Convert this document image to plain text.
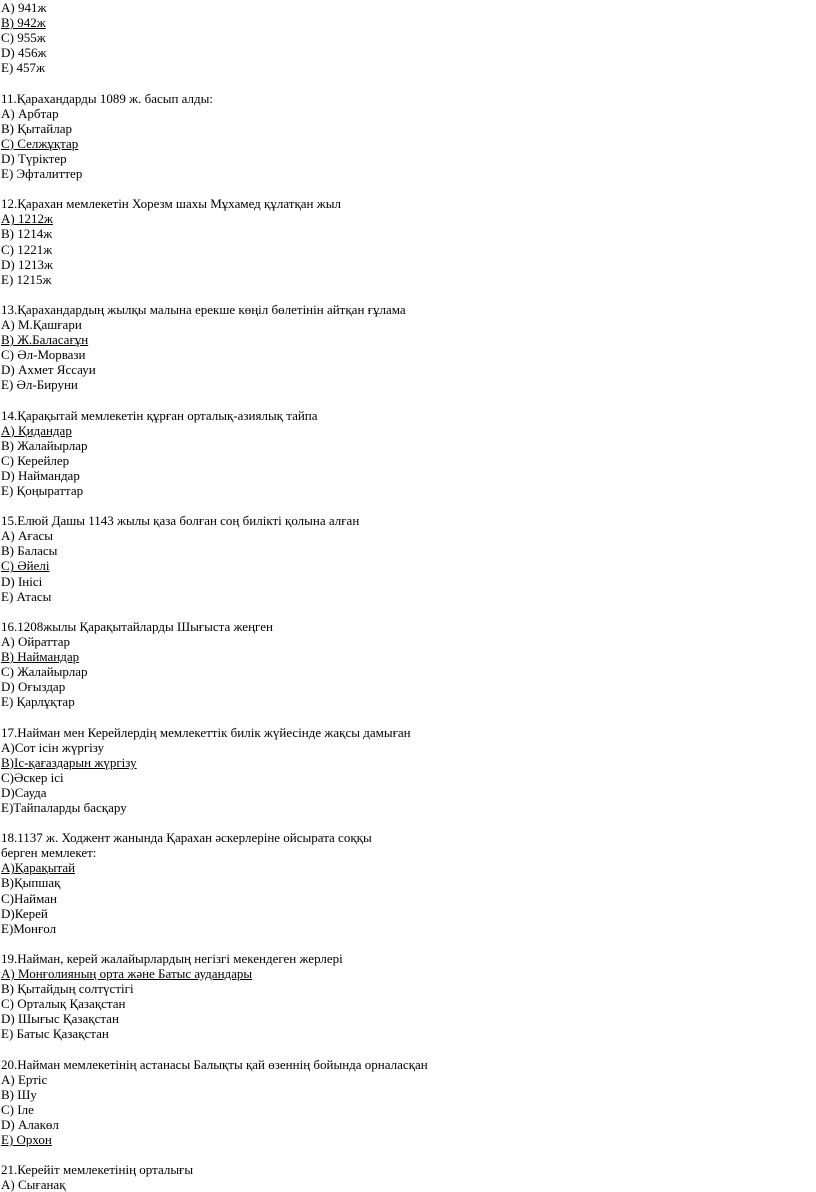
A) 941ж
B) 942ж
C) 955ж
D) 456ж
E) 457ж
11.Қарахандарды 1089 ж. басып алды:
A) Арбтар
B) Қытайлар
C) Селжұқтар
D) Түріктер
E) Эфталиттер
12.Қарахан мемлекетін Хорезм шахы Мұхамед құлатқан жыл
A) 1212ж
B) 1214ж
C) 1221ж
D) 1213ж
E) 1215ж
13.Қарахандардың жылқы малына ерекше көңіл бөлетінін айтқан ғұлама
A) М.Қашғари
B) Ж.Баласағұн
C) Әл-Морвази
D) Ахмет Яссауи
E) Әл-Бируни
14.Қарақытай мемлекетін құрған орталық-азиялық тайпа
A) Қидандар
B) Жалайырлар
C) Керейлер
D) Наймандар
E) Қоңыраттар
15.Елюй Дашы 1143 жылы қаза болған соң билікті қолына алған
A) Ағасы
B) Баласы
C) Әйелі
D) Інісі
E) Атасы
16.1208жылы Қарақытайларды Шығыста жеңген
A) Ойраттар
B) Наймандар
C) Жалайырлар
D) Оғыздар
E) Қарлұқтар
17.Найман мен Керейлердің мемлекеттік билік жүйесінде жақсы дамыған
A)Сот ісін жүргізу
B)Іс-қағаздарын жүргізу
C)Әскер ісі
D)Сауда
E)Тайпаларды басқару
18.1137 ж. Ходжент жанында Қарахан әскерлеріне ойсырата соққы
берген мемлекет:
A)Қарақытай
B)Қыпшақ
C)Найман
D)Керей
E)Монғол
19.Найман, керей жалайырлардың негізгі мекендеген жерлері
A) Монғолияның орта және Батыс аудандары
B) Қытайдың солтүстігі
C) Орталық Қазақстан
D) Шығыс Қазақстан
E) Батыс Қазақстан
20.Найман мемлекетінің астанасы Балықты қай өзеннің бойында орналасқан
A) Ертіс
B) Шу
C) Іле
D) Алакөл
E) Орхон
21.Керейіт мемлекетінің орталығы
A) Сығанақ
